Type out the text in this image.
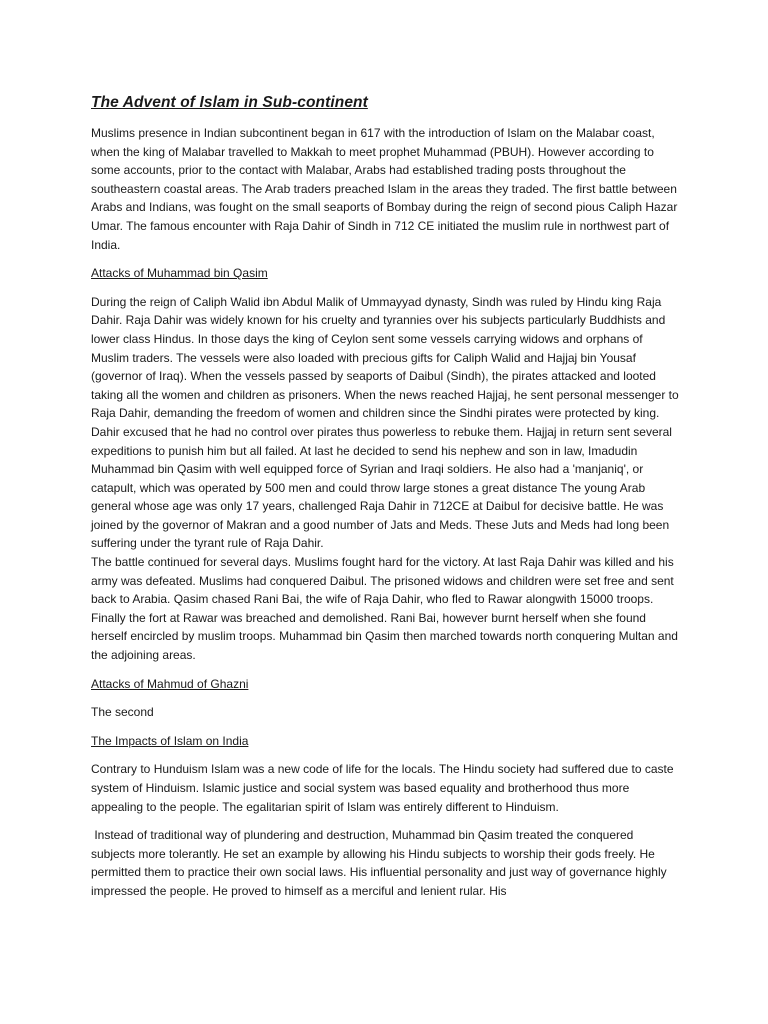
The Advent of Islam in Sub-continent

Muslims presence in Indian subcontinent began in 617 with the introduction of Islam on the Malabar coast, when the king of Malabar travelled to Makkah to meet prophet Muhammad (PBUH). However according to some accounts, prior to the contact with Malabar, Arabs had established trading posts throughout the southeastern coastal areas. The Arab traders preached Islam in the areas they traded. The first battle between Arabs and Indians, was fought on the small seaports of Bombay during the reign of second pious Caliph Hazar Umar. The famous encounter with Raja Dahir of Sindh in 712 CE initiated the muslim rule in northwest part of India.

Attacks of Muhammad bin Qasim

During the reign of Caliph Walid ibn Abdul Malik of Ummayyad dynasty, Sindh was ruled by Hindu king Raja Dahir. Raja Dahir was widely known for his cruelty and tyrannies over his subjects particularly Buddhists and lower class Hindus. In those days the king of Ceylon sent some vessels carrying widows and orphans of Muslim traders. The vessels were also loaded with precious gifts for Caliph Walid and Hajjaj bin Yousaf (governor of Iraq). When the vessels passed by seaports of Daibul (Sindh), the pirates attacked and looted taking all the women and children as prisoners. When the news reached Hajjaj, he sent personal messenger to Raja Dahir, demanding the freedom of women and children since the Sindhi pirates were protected by king. Dahir excused that he had no control over pirates thus powerless to rebuke them. Hajjaj in return sent several expeditions to punish him but all failed. At last he decided to send his nephew and son in law, Imadudin Muhammad bin Qasim with well equipped force of Syrian and Iraqi soldiers. He also had a 'manjaniq', or catapult, which was operated by 500 men and could throw large stones a great distance The young Arab general whose age was only 17 years, challenged Raja Dahir in 712CE at Daibul for decisive battle. He was joined by the governor of Makran and a good number of Jats and Meds. These Juts and Meds had long been suffering under the tyrant rule of Raja Dahir.

The battle continued for several days. Muslims fought hard for the victory. At last Raja Dahir was killed and his army was defeated. Muslims had conquered Daibul. The prisoned widows and children were set free and sent back to Arabia. Qasim chased Rani Bai, the wife of Raja Dahir, who fled to Rawar alongwith 15000 troops. Finally the fort at Rawar was breached and demolished. Rani Bai, however burnt herself when she found herself encircled by muslim troops. Muhammad bin Qasim then marched towards north conquering Multan and the adjoining areas.

Attacks of Mahmud of Ghazni

The second

The Impacts of Islam on India

Contrary to Hunduism Islam was a new code of life for the locals. The Hindu society had suffered due to caste system of Hinduism. Islamic justice and social system was based equality and brotherhood thus more appealing to the people. The egalitarian spirit of Islam was entirely different to Hinduism.

Instead of traditional way of plundering and destruction, Muhammad bin Qasim treated the conquered subjects more tolerantly. He set an example by allowing his Hindu subjects to worship their gods freely. He permitted them to practice their own social laws. His influential personality and just way of governance highly impressed the people. He proved to himself as a merciful and lenient rular. His
